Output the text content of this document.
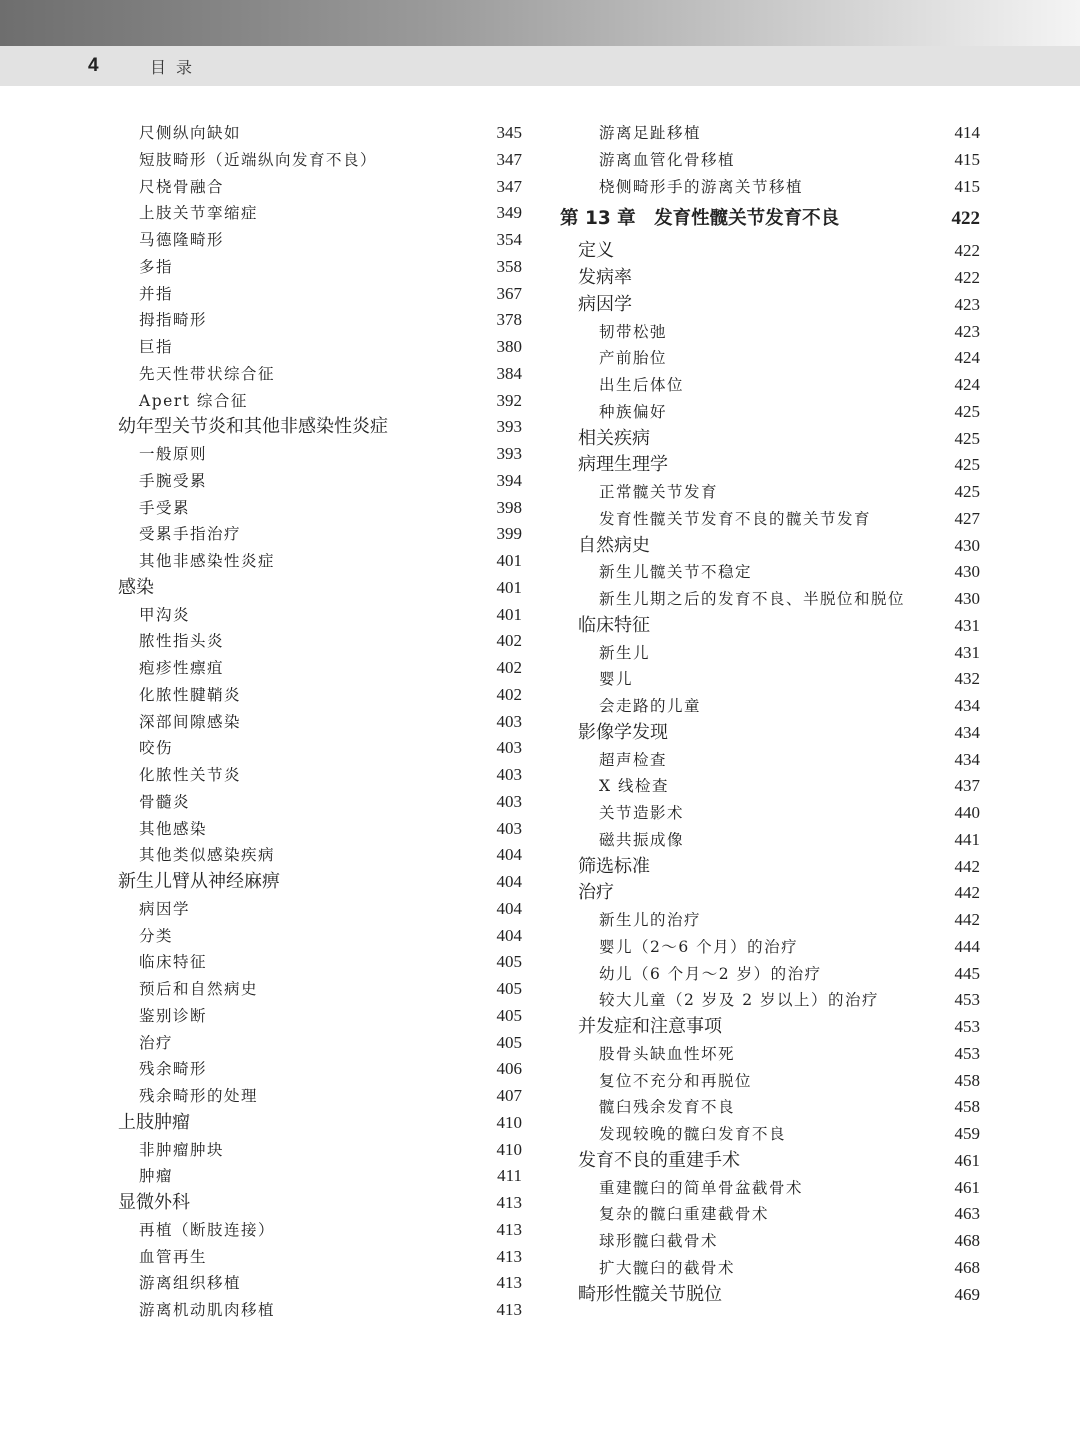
4	目录
尺侧纵向缺如	345
短肢畸形（近端纵向发育不良）	347
尺桡骨融合	347
上肢关节挛缩症	349
马德隆畸形	354
多指	358
并指	367
拇指畸形	378
巨指	380
先天性带状综合征	384
Apert 综合征	392
幼年型关节炎和其他非感染性炎症	393
一般原则	393
手腕受累	394
手受累	398
受累手指治疗	399
其他非感染性炎症	401
感染	401
甲沟炎	401
脓性指头炎	402
疱疹性瘭疽	402
化脓性腱鞘炎	402
深部间隙感染	403
咬伤	403
化脓性关节炎	403
骨髓炎	403
其他感染	403
其他类似感染疾病	404
新生儿臂从神经麻痹	404
病因学	404
分类	404
临床特征	405
预后和自然病史	405
鉴别诊断	405
治疗	405
残余畸形	406
残余畸形的处理	407
上肢肿瘤	410
非肿瘤肿块	410
肿瘤	411
显微外科	413
再植（断肢连接）	413
血管再生	413
游离组织移植	413
游离机动肌肉移植	413
游离足趾移植	414
游离血管化骨移植	415
桡侧畸形手的游离关节移植	415
第 13 章　发育性髋关节发育不良	422
定义	422
发病率	422
病因学	423
韧带松弛	423
产前胎位	424
出生后体位	424
种族偏好	425
相关疾病	425
病理生理学	425
正常髋关节发育	425
发育性髋关节发育不良的髋关节发育	427
自然病史	430
新生儿髋关节不稳定	430
新生儿期之后的发育不良、半脱位和脱位	430
临床特征	431
新生儿	431
婴儿	432
会走路的儿童	434
影像学发现	434
超声检查	434
X 线检查	437
关节造影术	440
磁共振成像	441
筛选标准	442
治疗	442
新生儿的治疗	442
婴儿（2～6 个月）的治疗	444
幼儿（6 个月～2 岁）的治疗	445
较大儿童（2 岁及 2 岁以上）的治疗	453
并发症和注意事项	453
股骨头缺血性坏死	453
复位不充分和再脱位	458
髋臼残余发育不良	458
发现较晚的髋臼发育不良	459
发育不良的重建手术	461
重建髋臼的简单骨盆截骨术	461
复杂的髋臼重建截骨术	463
球形髋臼截骨术	468
扩大髋臼的截骨术	468
畸形性髋关节脱位	469
